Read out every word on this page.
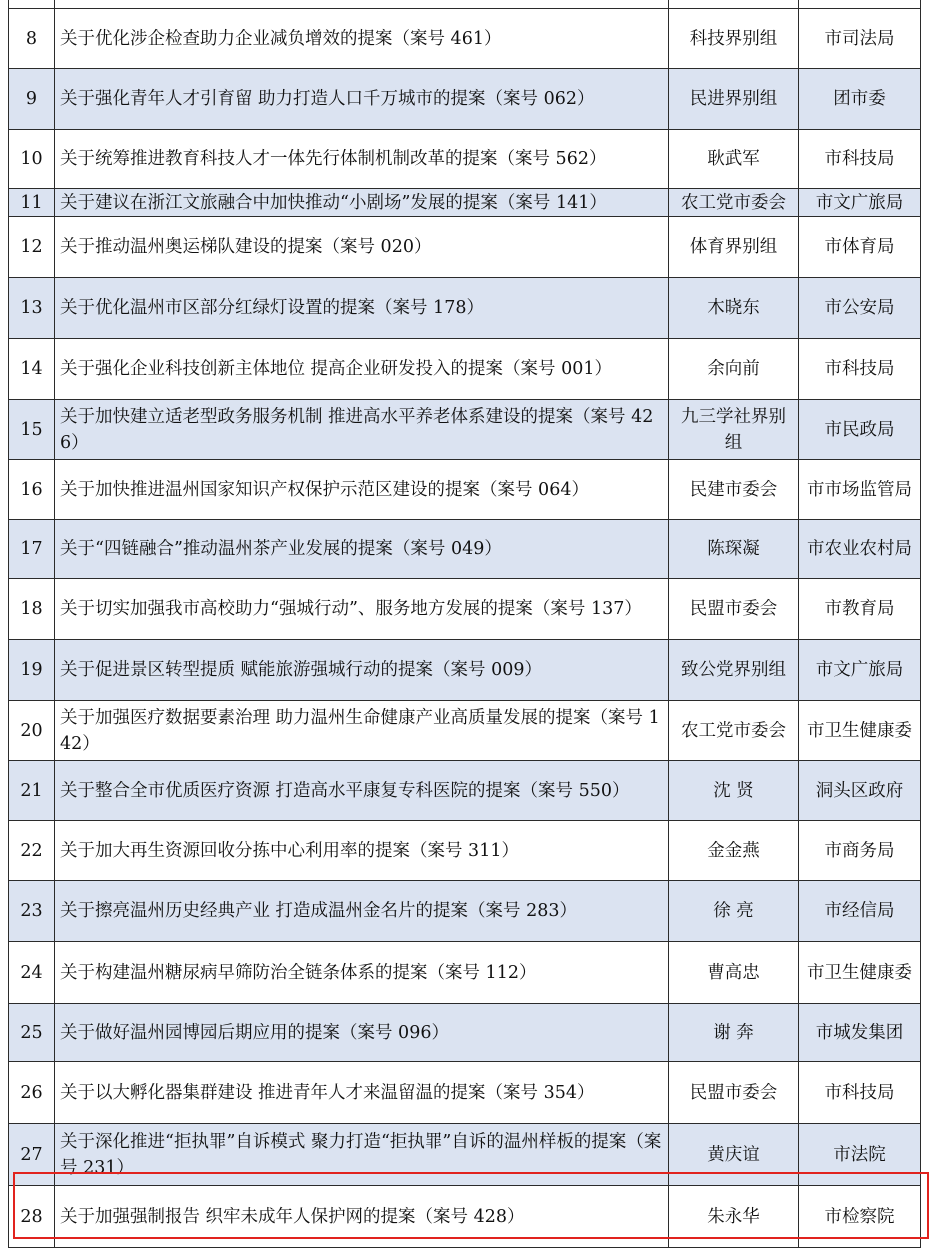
8	关于优化涉企检查助力企业减负增效的提案（案号 461）	科技界别组	市司法局
9	关于强化青年人才引育留 助力打造人口千万城市的提案（案号 062）	民进界别组	团市委
10	关于统筹推进教育科技人才一体先行体制机制改革的提案（案号 562）	耿武军	市科技局
11	关于建议在浙江文旅融合中加快推动“小剧场”发展的提案（案号 141）	农工党市委会	市文广旅局
12	关于推动温州奥运梯队建设的提案（案号 020）	体育界别组	市体育局
13	关于优化温州市区部分红绿灯设置的提案（案号 178）	木晓东	市公安局
14	关于强化企业科技创新主体地位 提高企业研发投入的提案（案号 001）	余向前	市科技局
15	关于加快建立适老型政务服务机制 推进高水平养老体系建设的提案（案号 426）	九三学社界别组	市民政局
16	关于加快推进温州国家知识产权保护示范区建设的提案（案号 064）	民建市委会	市市场监管局
17	关于“四链融合”推动温州茶产业发展的提案（案号 049）	陈琛凝	市农业农村局
18	关于切实加强我市高校助力“强城行动”、服务地方发展的提案（案号 137）	民盟市委会	市教育局
19	关于促进景区转型提质 赋能旅游强城行动的提案（案号 009）	致公党界别组	市文广旅局
20	关于加强医疗数据要素治理 助力温州生命健康产业高质量发展的提案（案号 142）	农工党市委会	市卫生健康委
21	关于整合全市优质医疗资源 打造高水平康复专科医院的提案（案号 550）	沈 贤	洞头区政府
22	关于加大再生资源回收分拣中心利用率的提案（案号 311）	金金燕	市商务局
23	关于擦亮温州历史经典产业 打造成温州金名片的提案（案号 283）	徐 亮	市经信局
24	关于构建温州糖尿病早筛防治全链条体系的提案（案号 112）	曹高忠	市卫生健康委
25	关于做好温州园博园后期应用的提案（案号 096）	谢 奔	市城发集团
26	关于以大孵化器集群建设 推进青年人才来温留温的提案（案号 354）	民盟市委会	市科技局
27	关于深化推进“拒执罪”自诉模式 聚力打造“拒执罪”自诉的温州样板的提案（案号 231）	黄庆谊	市法院
28	关于加强强制报告 织牢未成年人保护网的提案（案号 428）	朱永华	市检察院
